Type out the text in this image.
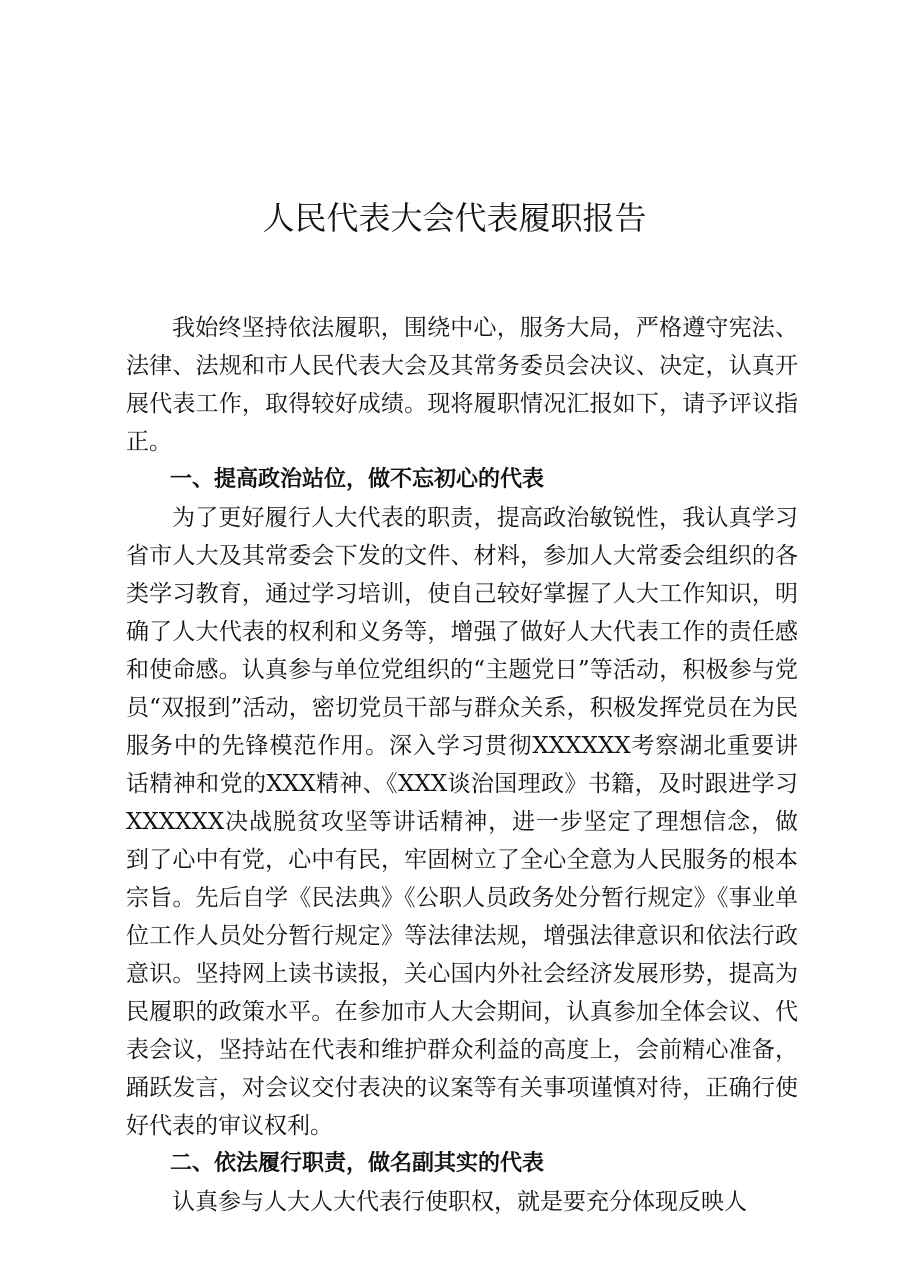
人民代表大会代表履职报告

我始终坚持依法履职，围绕中心，服务大局，严格遵守宪法、法律、法规和市人民代表大会及其常务委员会决议、决定，认真开展代表工作，取得较好成绩。现将履职情况汇报如下，请予评议指正。

一、提高政治站位，做不忘初心的代表

为了更好履行人大代表的职责，提高政治敏锐性，我认真学习省市人大及其常委会下发的文件、材料，参加人大常委会组织的各类学习教育，通过学习培训，使自己较好掌握了人大工作知识，明确了人大代表的权利和义务等，增强了做好人大代表工作的责任感和使命感。认真参与单位党组织的“主题党日”等活动，积极参与党员“双报到”活动，密切党员干部与群众关系，积极发挥党员在为民服务中的先锋模范作用。深入学习贯彻XXXXXX考察湖北重要讲话精神和党的XXX精神、《XXX谈治国理政》书籍，及时跟进学习XXXXXX决战脱贫攻坚等讲话精神，进一步坚定了理想信念，做到了心中有党，心中有民，牢固树立了全心全意为人民服务的根本宗旨。先后自学《民法典》《公职人员政务处分暂行规定》《事业单位工作人员处分暂行规定》等法律法规，增强法律意识和依法行政意识。坚持网上读书读报，关心国内外社会经济发展形势，提高为民履职的政策水平。在参加市人大会期间，认真参加全体会议、代表会议，坚持站在代表和维护群众利益的高度上，会前精心准备，踊跃发言，对会议交付表决的议案等有关事项谨慎对待，正确行使好代表的审议权利。

二、依法履行职责，做名副其实的代表

认真参与人大人大代表行使职权，就是要充分体现反映人
